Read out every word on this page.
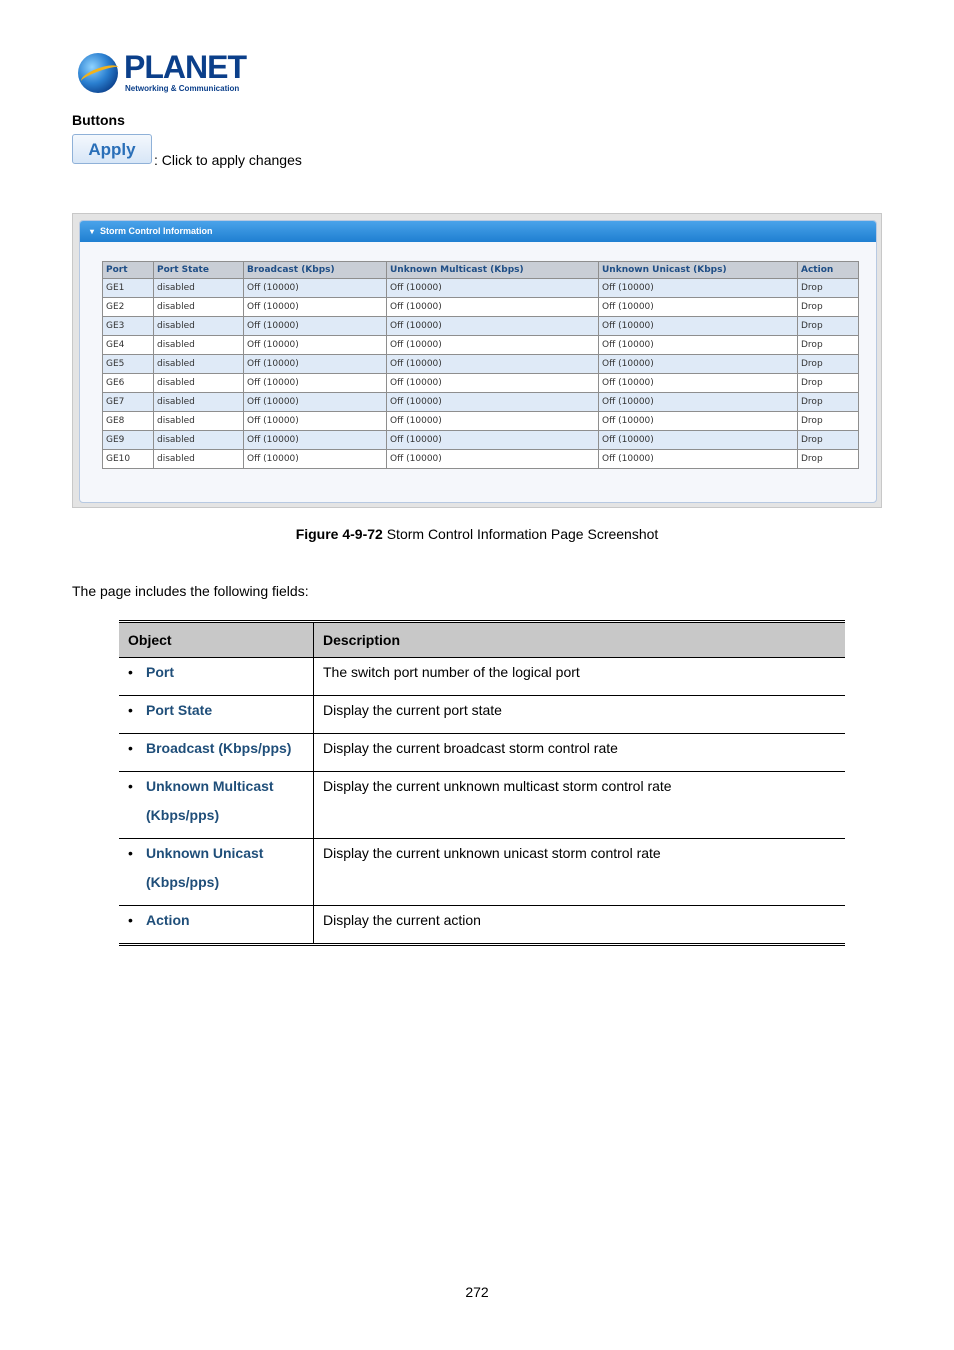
PLANET
Networking & Communication
Buttons
Apply
: Click to apply changes
▾ Storm Control Information
Port	Port State	Broadcast (Kbps)	Unknown Multicast (Kbps)	Unknown Unicast (Kbps)	Action
GE1	disabled	Off (10000)	Off (10000)	Off (10000)	Drop
GE2	disabled	Off (10000)	Off (10000)	Off (10000)	Drop
GE3	disabled	Off (10000)	Off (10000)	Off (10000)	Drop
GE4	disabled	Off (10000)	Off (10000)	Off (10000)	Drop
GE5	disabled	Off (10000)	Off (10000)	Off (10000)	Drop
GE6	disabled	Off (10000)	Off (10000)	Off (10000)	Drop
GE7	disabled	Off (10000)	Off (10000)	Off (10000)	Drop
GE8	disabled	Off (10000)	Off (10000)	Off (10000)	Drop
GE9	disabled	Off (10000)	Off (10000)	Off (10000)	Drop
GE10	disabled	Off (10000)	Off (10000)	Off (10000)	Drop
Figure 4-9-72 Storm Control Information Page Screenshot
The page includes the following fields:
Object	Description
• Port	The switch port number of the logical port
• Port State	Display the current port state
• Broadcast (Kbps/pps)	Display the current broadcast storm control rate
• Unknown Multicast (Kbps/pps)	Display the current unknown multicast storm control rate
• Unknown Unicast (Kbps/pps)	Display the current unknown unicast storm control rate
• Action	Display the current action
272
